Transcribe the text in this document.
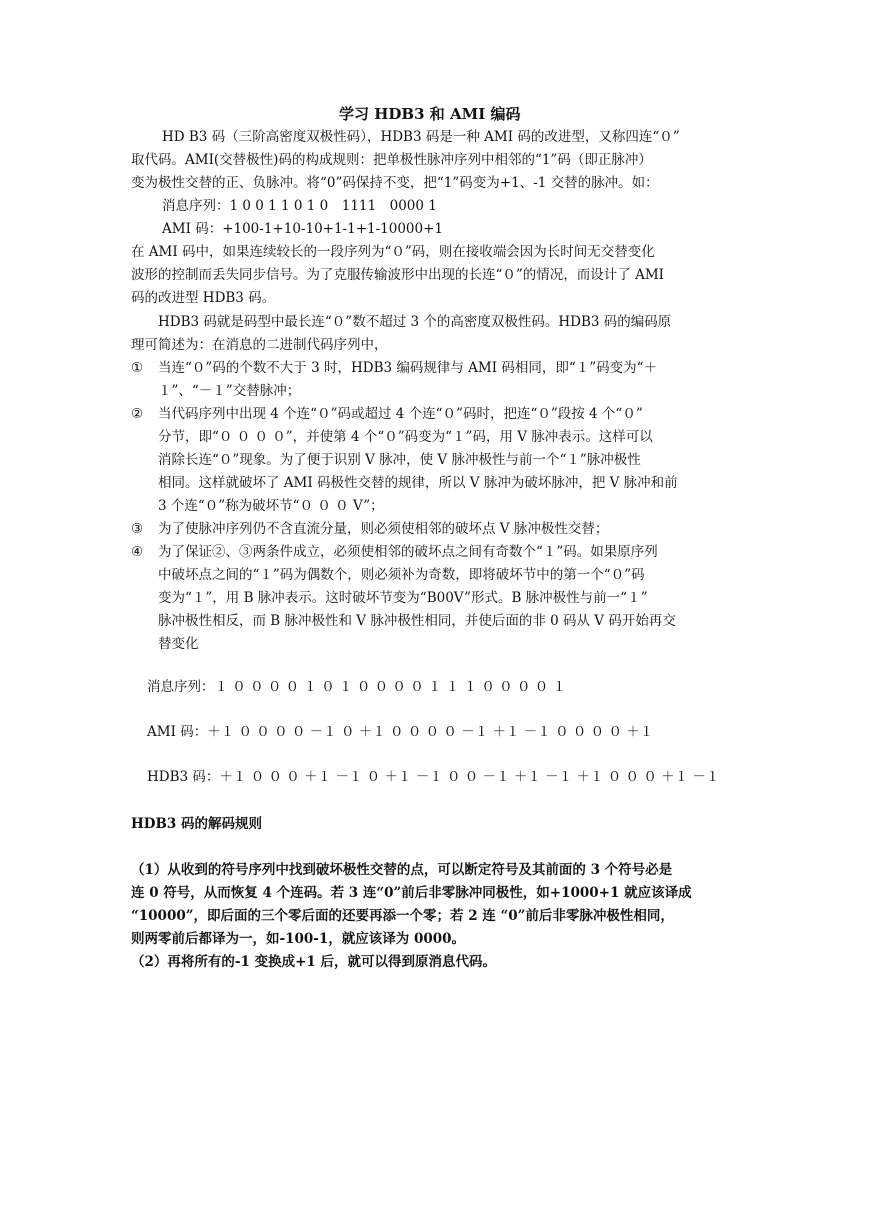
学习 HDB3 和 AMI 编码
HD B3 码（三阶高密度双极性码），HDB3 码是一种 AMI 码的改进型，又称四连“０”
取代码。AMI(交替极性)码的构成规则：把单极性脉冲序列中相邻的“1”码（即正脉冲）
变为极性交替的正、负脉冲。将“0”码保持不变，把“1”码变为+1、-1 交替的脉冲。如：
消息序列：1 0 0 1 1 0 1 0　1111　0000 1
AMI 码：+100-1+10-10+1-1+1-10000+1
在 AMI 码中，如果连续较长的一段序列为“０”码，则在接收端会因为长时间无交替变化
波形的控制而丢失同步信号。为了克服传输波形中出现的长连“０”的情况，而设计了 AMI
码的改进型 HDB3 码。
HDB3 码就是码型中最长连“０”数不超过 3 个的高密度双极性码。HDB3 码的编码原
理可简述为：在消息的二进制代码序列中，
① 当连“０”码的个数不大于 3 时，HDB3 编码规律与 AMI 码相同，即“１”码变为“＋
１”、“－１”交替脉冲；
② 当代码序列中出现 4 个连“０”码或超过 4 个连“０”码时，把连“０”段按 4 个“０”
分节，即“０ ０ ０ ０”，并使第 4 个“０”码变为“１”码，用 V 脉冲表示。这样可以
消除长连“０”现象。为了便于识别 V 脉冲，使 V 脉冲极性与前一个“１”脉冲极性
相同。这样就破坏了 AMI 码极性交替的规律，所以 V 脉冲为破坏脉冲，把 V 脉冲和前
3 个连“０”称为破坏节“０ ０ ０ V”；
③ 为了使脉冲序列仍不含直流分量，则必须使相邻的破坏点 V 脉冲极性交替；
④ 为了保证②、③两条件成立，必须使相邻的破坏点之间有奇数个“１”码。如果原序列
中破坏点之间的“１”码为偶数个，则必须补为奇数，即将破坏节中的第一个“０”码
变为“１”，用 B 脉冲表示。这时破坏节变为“B00V”形式。B 脉冲极性与前一“１”
脉冲极性相反，而 B 脉冲极性和 V 脉冲极性相同，并使后面的非 0 码从 V 码开始再交
替变化
消息序列：１ ０ ０ ０ ０ １ ０ １ ０ ０ ０ ０ １ １ １ ０ ０ ０ ０ １
AMI 码：＋１ ０ ０ ０ ０ －１ ０ ＋１ ０ ０ ０ ０ －１ ＋１ －１ ０ ０ ０ ０ ＋１
HDB3 码：＋１ ０ ０ ０ ＋１ －１ ０ ＋１ －１ ０ ０ －１ ＋１ －１ ＋１ ０ ０ ０ ＋１ －１
HDB3 码的解码规则
（1）从收到的符号序列中找到破坏极性交替的点，可以断定符号及其前面的 3 个符号必是
连 0 符号，从而恢复 4 个连码。若 3 连“0”前后非零脉冲同极性，如+1000+1 就应该译成
“10000”，即后面的三个零后面的还要再添一个零；若 2 连 “0”前后非零脉冲极性相同，
则两零前后都译为一，如-100-1，就应该译为 0000。
（2）再将所有的-1 变换成+1 后，就可以得到原消息代码。
